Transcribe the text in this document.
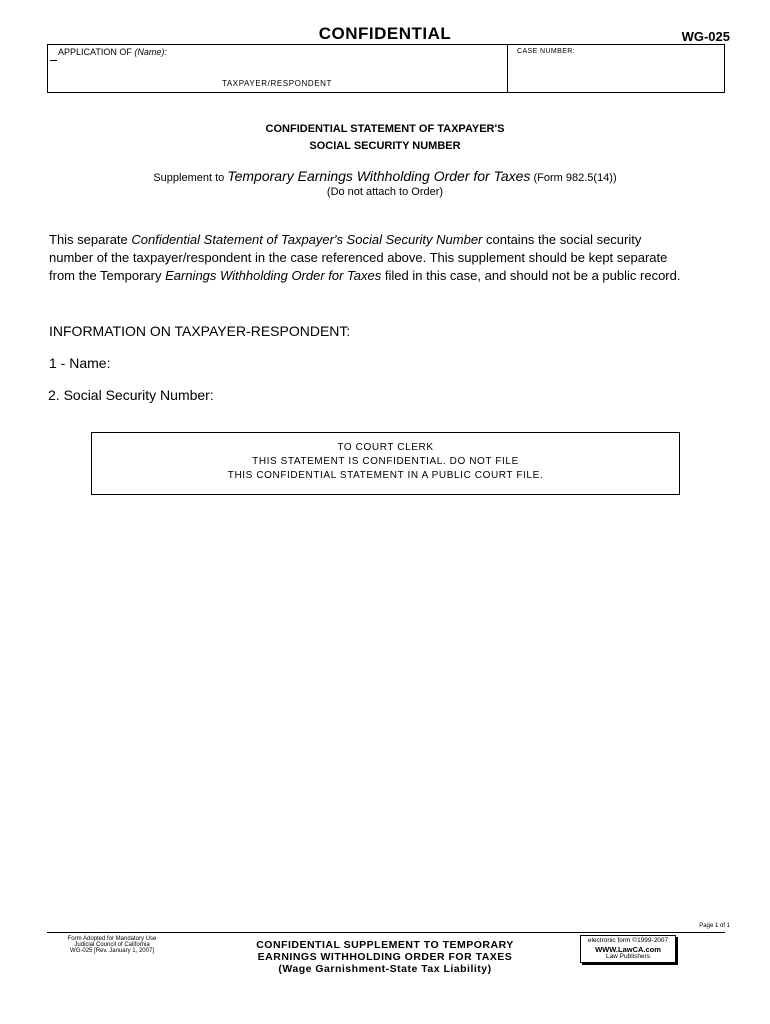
CONFIDENTIAL	WG-025
APPLICATION OF (Name):	CASE NUMBER:
TAXPAYER/RESPONDENT
CONFIDENTIAL STATEMENT OF TAXPAYER'S
SOCIAL SECURITY NUMBER
Supplement to Temporary Earnings Withholding Order for Taxes (Form 982.5(14))
(Do not attach to Order)
This separate Confidential Statement of Taxpayer's Social Security Number contains the social security
number of the taxpayer/respondent in the case referenced above. This supplement should be kept separate
from the Temporary Earnings Withholding Order for Taxes filed in this case, and should not be a public record.
INFORMATION ON TAXPAYER-RESPONDENT:
1 - Name:
2. Social Security Number:
TO COURT CLERK
THIS STATEMENT IS CONFIDENTIAL. DO NOT FILE
THIS CONFIDENTIAL STATEMENT IN A PUBLIC COURT FILE.
Page 1 of 1
Form Adopted for Mandatory Use
Judicial Council of California
WG-025 [Rev. January 1, 2007]	CONFIDENTIAL SUPPLEMENT TO TEMPORARY
EARNINGS WITHHOLDING ORDER FOR TAXES
(Wage Garnishment-State Tax Liability)
electronic form ©1999-2007
WWW.LawCA.com
Law Publishers
